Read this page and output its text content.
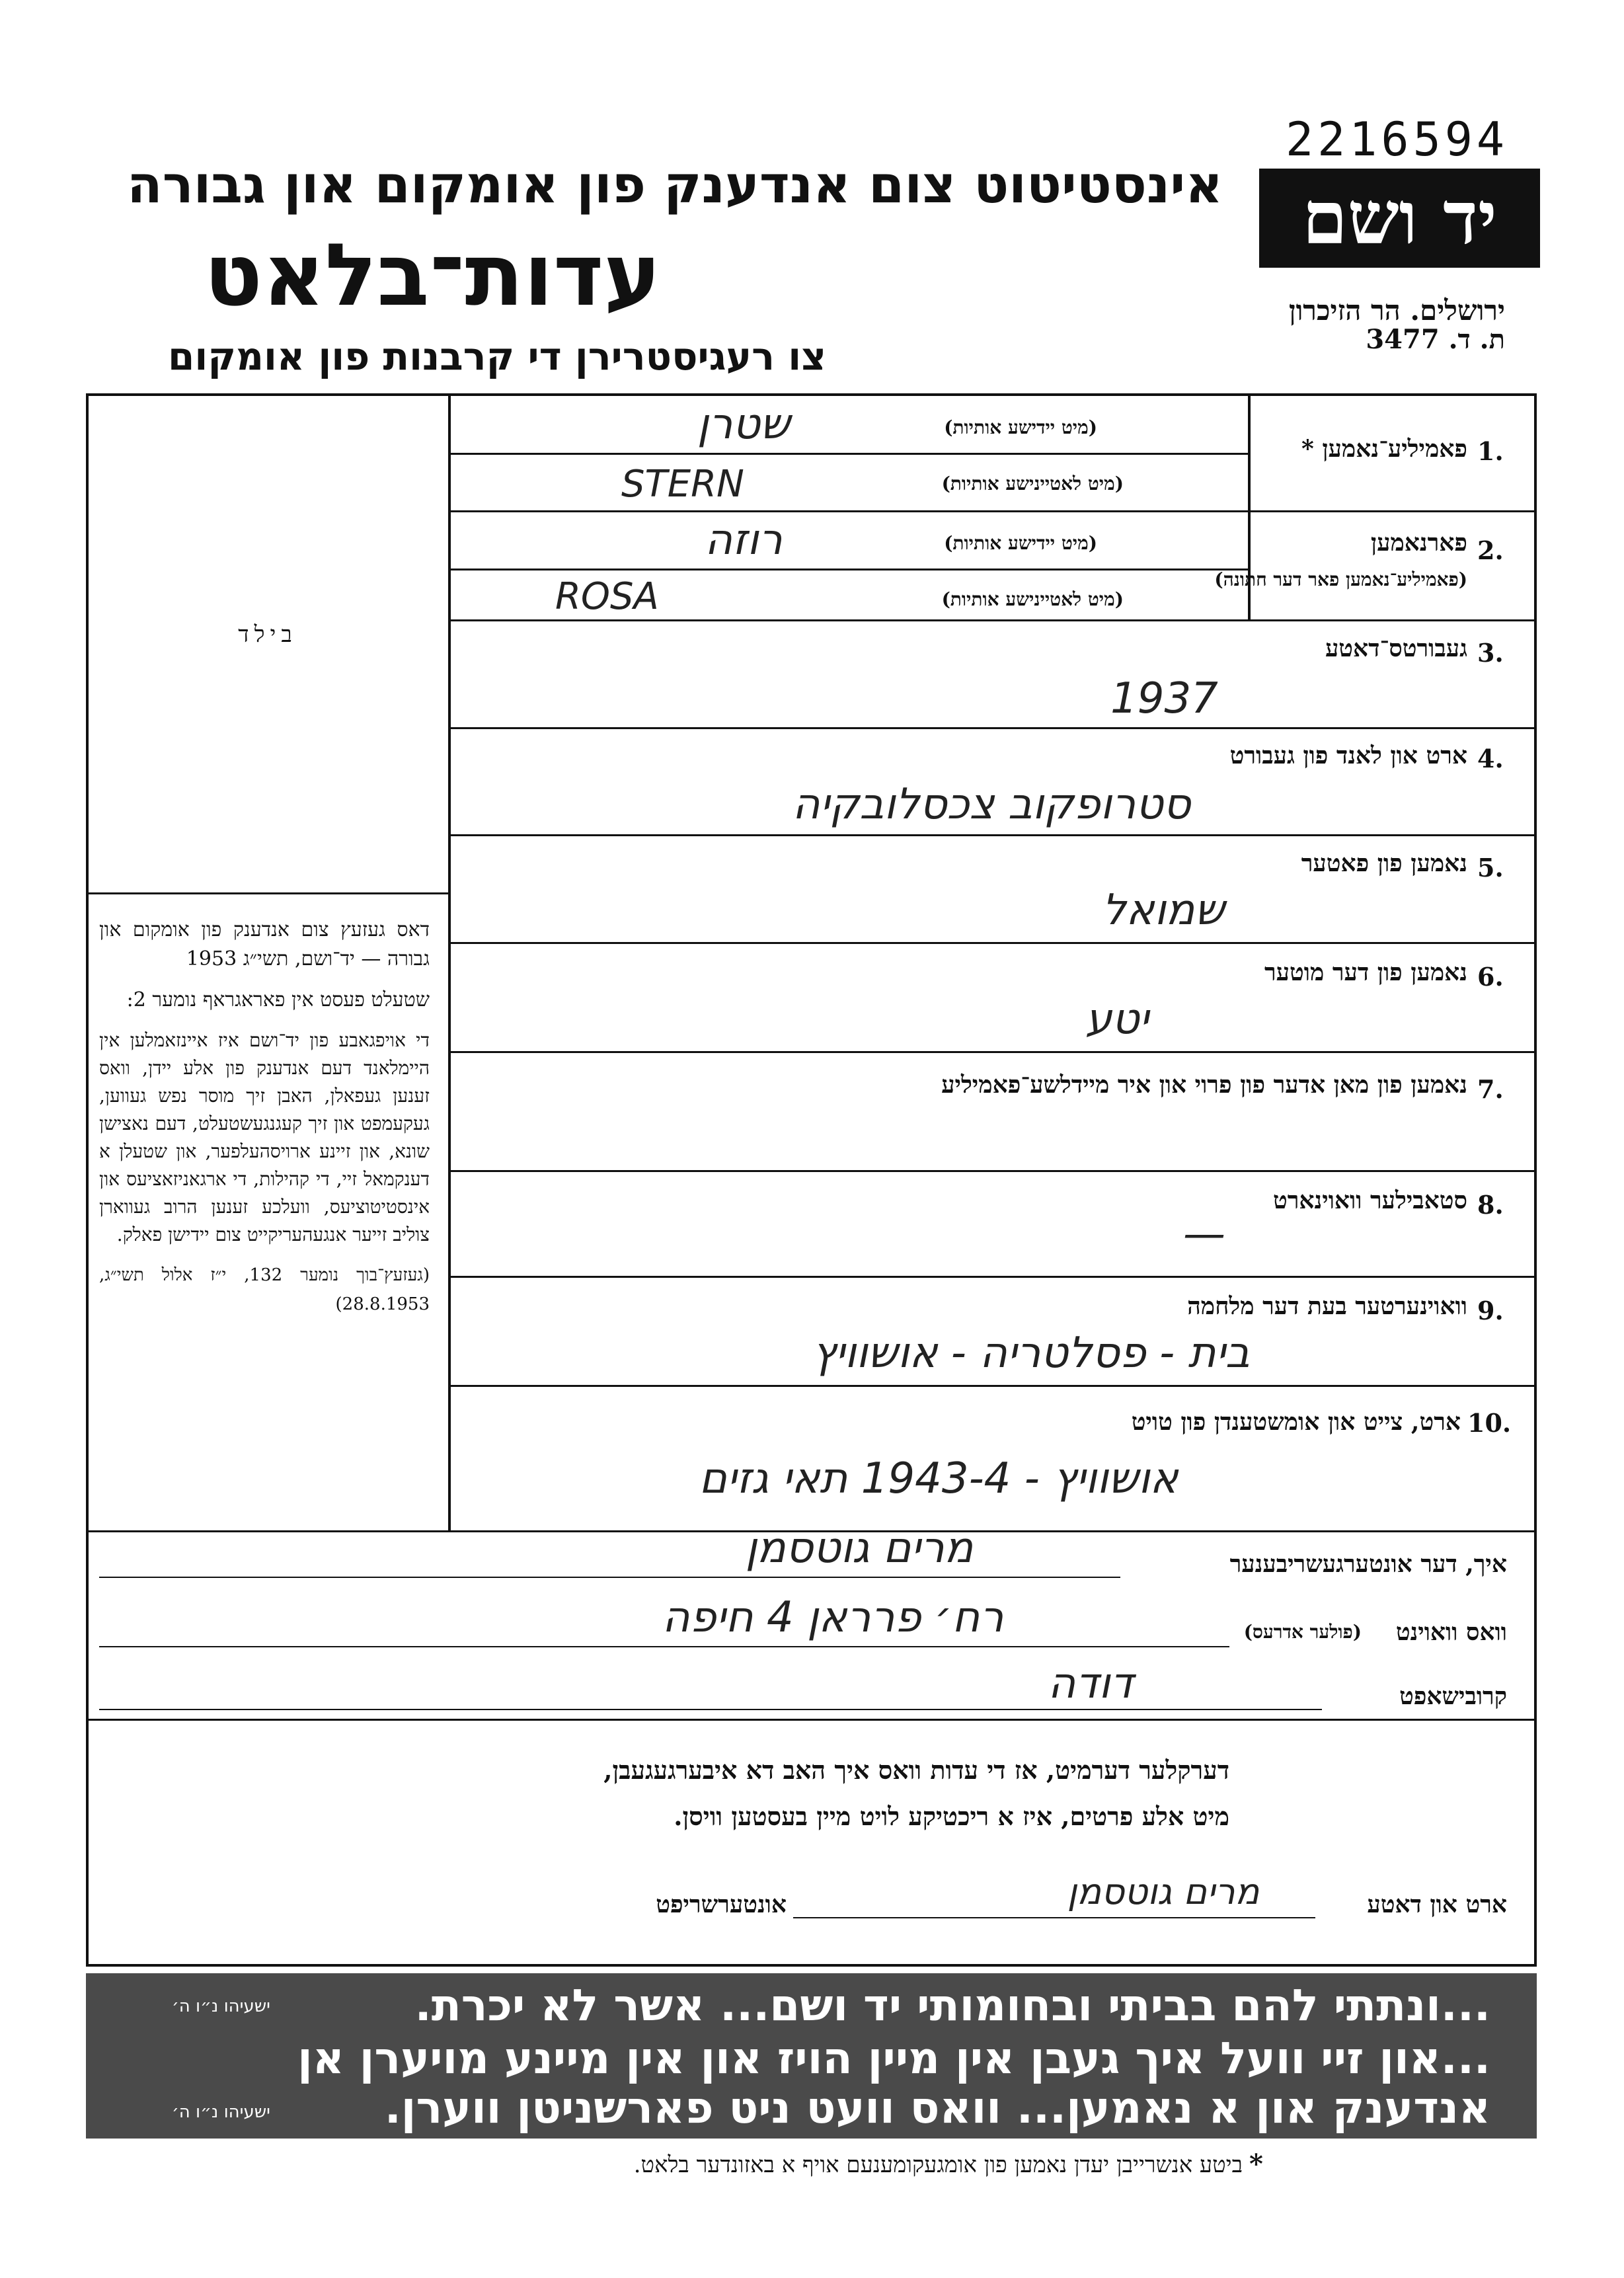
2216594
יד ושם
ירושלים. הר הזיכרון
ת. ד. 3477
אינסטיטוט צום אנדענק פון אומקום און גבורה
עדות־בלאט
צו רעגיסטרירן די קרבנות פון אומקום
בילד
1.
פאמיליע־נאמען *
(מיט יידישע אותיות)
(מיט לאטיינישע אותיות)
שטרן
STERN
2.
פארנאמען
(פאמיליע־נאמען פאר דער חתונה)
(מיט יידישע אותיות)
(מיט לאטיינישע אותיות)
רוזה
ROSA
3.
געבורטס־דאטע
1937
4.
ארט און לאנד פון געבורט
סטרופקוב צכסלובקיה
5.
נאמען פון פאטער
שמואל
6.
נאמען פון דער מוטער
יטע
7.
נאמען פון מאן אדער פון פרוי און איר מיידלשע־פאמיליע
8.
סטאבילער וואוינארט
—
9.
וואוינערטער בעת דער מלחמה
בית - פסלטריה - אושוויץ
10.
ארט, צייט און אומשטענדן פון טויט
אושוויץ - 1943-4 תאי גזים

דאס געזעץ צום אנדענק פון אומקום און גבורה — יד־ושם, תשי״ג 1953

שטעלט פעסט אין פאראגראף נומער 2:

די אויפגאבע פון יד־ושם איז איינזאמלען אין היימלאנד דעם אנדענק פון אלע יידן, וואס זענען געפאלן, האבן זיך מוסר נפש געווען, געקעמפט און זיך קעגנגעשטעלט, דעם נאצישן שונא, און זיינע ארויסהעלפער, און שטעלן א דענקמאל זיי, די קהילות, די ארגאניזאציעס און אינסטיטוציעס, וועלכע זענען הרוב געווארן צוליב זייער אנגעהעריקייט צום יידישן פאלק.

(געזעץ־בוך נומער 132, י״ז אלול תשי״ג, 28.8.1953)

איך, דער אונטערגעשריבענער
מרים גוטסמן
וואס וואוינט
(פולער אדרעס)
רח׳ פרראן 4 חיפה
קרובישאפט
דודה
דערקלער דערמיט, אז די עדות וואס איך האב דא איבערגעגעבן,
מיט אלע פרטים, איז א ריכטיקע לויט מיין בעסטען וויסן.
ארט און דאטע
מרים גוטסמן
אונטערשריפט
...ונתתי להם בביתי ובחומותי יד ושם... אשר לא יכרת.
ישעיהו נ״ו ה׳
...און זיי וועל איך געבן אין מיין הויז און אין מיינע מויערן אן
אנדענק און א נאמען... וואס וועט ניט פארשניטן ווערן.
ישעיהו נ״ו ה׳
*
ביטע אנשרייבן יעדן נאמען פון אומגעקומענעם אויף א באזונדער בלאט.
